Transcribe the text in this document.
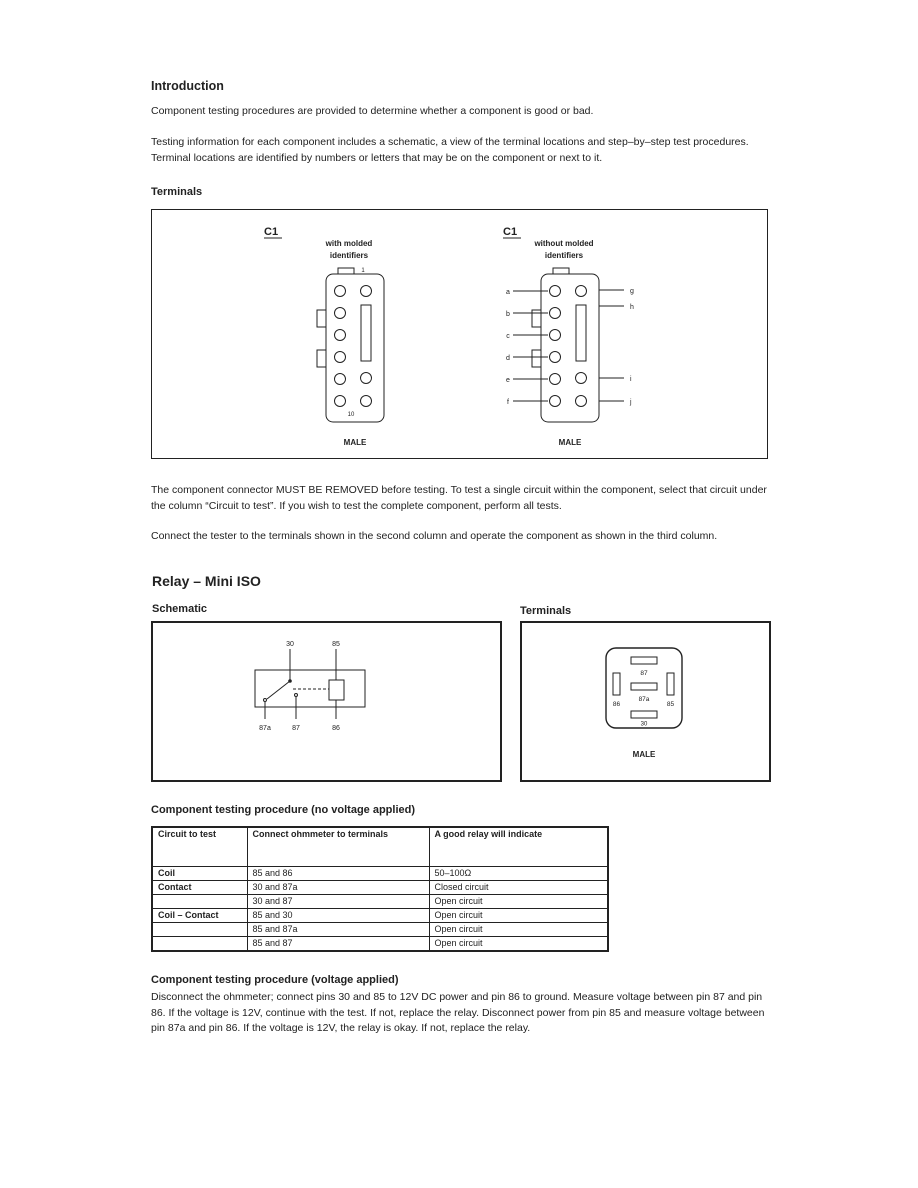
Introduction
Component testing procedures are provided to determine whether a component is good or bad.
Testing information for each component includes a schematic, a view of the terminal locations and step–by–step test procedures. Terminal locations are identified by numbers or letters that may be on the component or next to it.
Terminals
C1
with molded
identifiers
1
10
MALE
C1
without molded
identifiers
a
b
c
d
e
f
g
h
i
j
MALE
The component connector MUST BE REMOVED before testing. To test a single circuit within the component, select that circuit under the column “Circuit to test”. If you wish to test the complete component, perform all tests.
Connect the tester to the terminals shown in the second column and operate the component as shown in the third column.
Relay – Mini ISO
Schematic	Terminals
30	85
87a	87	86
87
86
87a
85
30
MALE
Component testing procedure (no voltage applied)
Circuit to test	Connect ohmmeter to terminals	A good relay will indicate
Coil	85 and 86	50–100Ω
Contact	30 and 87a	Closed circuit
	30 and 87	Open circuit
Coil – Contact	85 and 30	Open circuit
	85 and 87a	Open circuit
	85 and 87	Open circuit
Component testing procedure (voltage applied)
Disconnect the ohmmeter; connect pins 30 and 85 to 12V DC power and pin 86 to ground. Measure voltage between pin 87 and pin 86. If the voltage is 12V, continue with the test. If not, replace the relay. Disconnect power from pin 85 and measure voltage between pin 87a and pin 86. If the voltage is 12V, the relay is okay. If not, replace the relay.
